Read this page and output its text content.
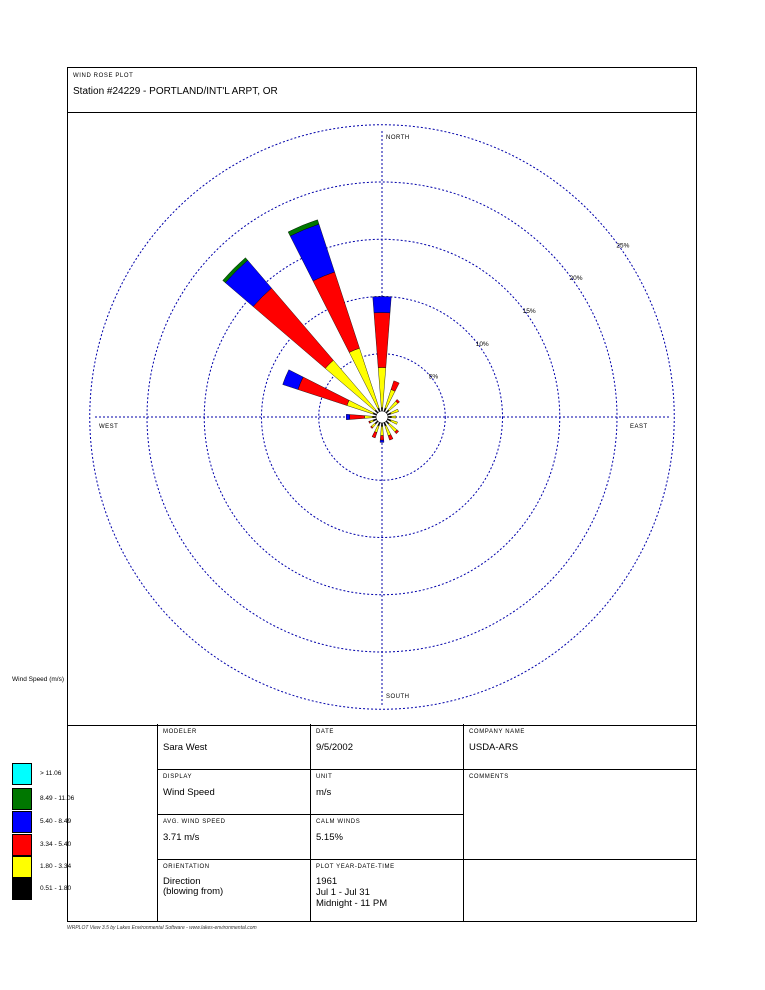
WIND ROSE PLOT
Station #24229 - PORTLAND/INT'L ARPT, OR
5%
10%
15%
20%
25%
NORTH
SOUTH
WEST	EAST
Wind Speed (m/s)
> 11.06
8.49 - 11.06
5.40 - 8.49
3.34 - 5.40
1.80 - 3.34
0.51 - 1.80
MODELER
Sara West
DATE
9/5/2002
COMPANY NAME
USDA-ARS
DISPLAY
Wind Speed
UNIT
m/s
COMMENTS
AVG. WIND SPEED
3.71 m/s
CALM WINDS
5.15%
ORIENTATION
Direction
(blowing from)
PLOT YEAR-DATE-TIME
1961
Jul 1 - Jul 31
Midnight - 11 PM
WRPLOT View 3.5 by Lakes Environmental Software - www.lakes-environmental.com
